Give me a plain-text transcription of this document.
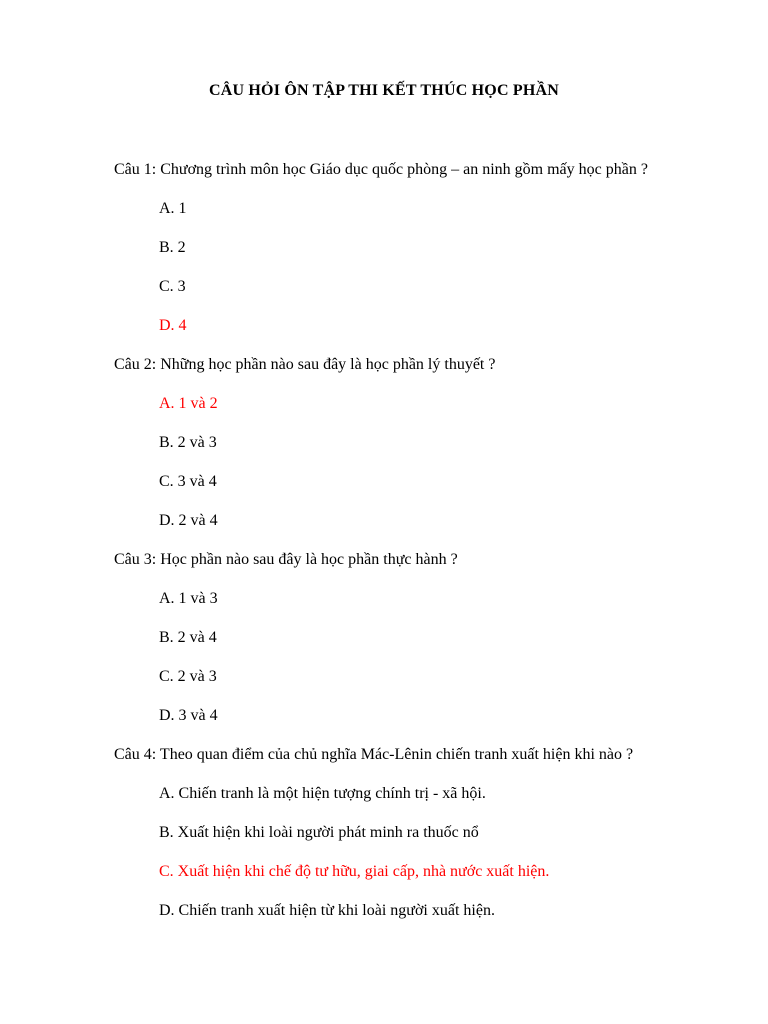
CÂU HỎI ÔN TẬP THI KẾT THÚC HỌC PHẦN
Câu 1: Chương trình môn học Giáo dục quốc phòng – an ninh gồm mấy học phần ?
A. 1
B. 2
C. 3
D. 4
Câu 2: Những học phần nào sau đây là học phần lý thuyết ?
A. 1 và 2
B. 2 và 3
C. 3 và 4
D. 2 và 4
Câu 3: Học phần nào sau đây là học phần thực hành ?
A. 1 và 3
B. 2 và 4
C. 2 và 3
D. 3 và 4
Câu 4: Theo quan điểm của chủ nghĩa Mác-Lênin chiến tranh xuất hiện khi nào ?
A. Chiến tranh là một hiện tượng chính trị - xã hội.
B. Xuất hiện khi loài người phát minh ra thuốc nổ
C. Xuất hiện khi chế độ tư hữu, giai cấp, nhà nước xuất hiện.
D. Chiến tranh xuất hiện từ khi loài người xuất hiện.
